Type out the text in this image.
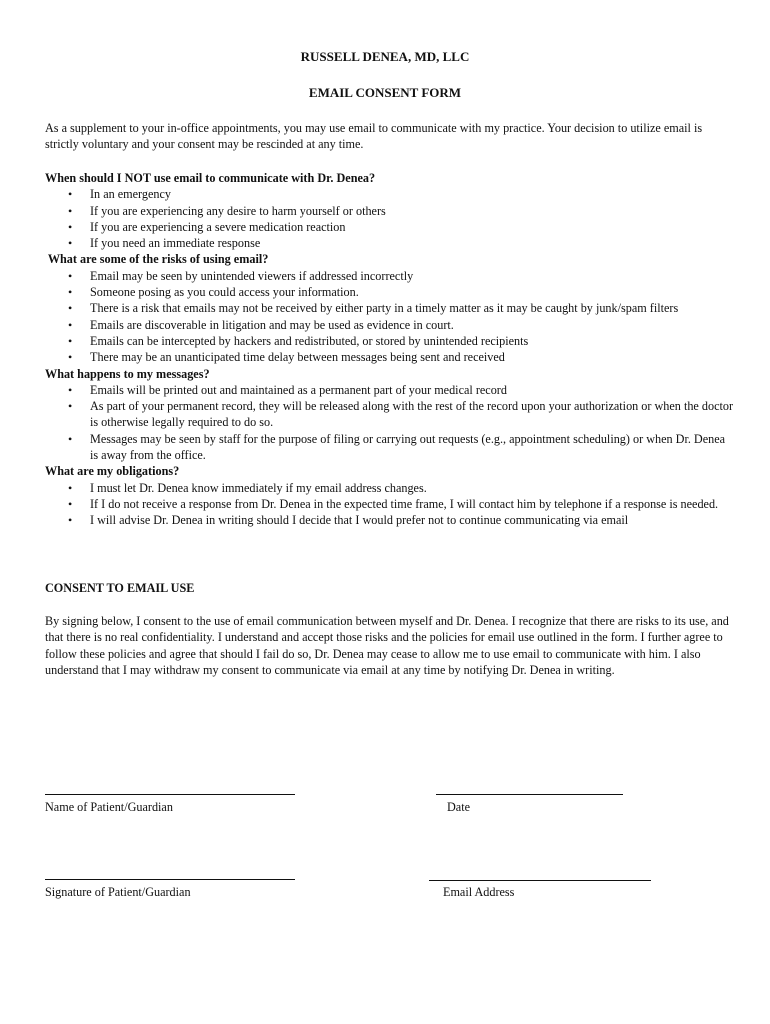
RUSSELL DENEA, MD, LLC
EMAIL CONSENT FORM

As a supplement to your in-office appointments, you may use email to communicate with my practice. Your decision to utilize email is strictly voluntary and your consent may be rescinded at any time.

When should I NOT use email to communicate with Dr. Denea?

• In an emergency
• If you are experiencing any desire to harm yourself or others
• If you are experiencing a severe medication reaction
• If you need an immediate response

What are some of the risks of using email?

• Email may be seen by unintended viewers if addressed incorrectly
• Someone posing as you could access your information.
• There is a risk that emails may not be received by either party in a timely matter as it may be caught by junk/spam filters
• Emails are discoverable in litigation and may be used as evidence in court.
• Emails can be intercepted by hackers and redistributed, or stored by unintended recipients
• There may be an unanticipated time delay between messages being sent and received

What happens to my messages?

• Emails will be printed out and maintained as a permanent part of your medical record
• As part of your permanent record, they will be released along with the rest of the record upon your authorization or when the doctor is otherwise legally required to do so.
• Messages may be seen by staff for the purpose of filing or carrying out requests (e.g., appointment scheduling) or when Dr. Denea is away from the office.

What are my obligations?

• I must let Dr. Denea know immediately if my email address changes.
• If I do not receive a response from Dr. Denea in the expected time frame, I will contact him by telephone if a response is needed.
• I will advise Dr. Denea in writing should I decide that I would prefer not to continue communicating via email

CONSENT TO EMAIL USE

By signing below, I consent to the use of email communication between myself and Dr. Denea. I recognize that there are risks to its use, and that there is no real confidentiality. I understand and accept those risks and the policies for email use outlined in the form. I further agree to follow these policies and agree that should I fail do so, Dr. Denea may cease to allow me to use email to communicate with him. I also understand that I may withdraw my consent to communicate via email at any time by notifying Dr. Denea in writing.

Name of Patient/Guardian	Date
Signature of Patient/Guardian	Email Address
